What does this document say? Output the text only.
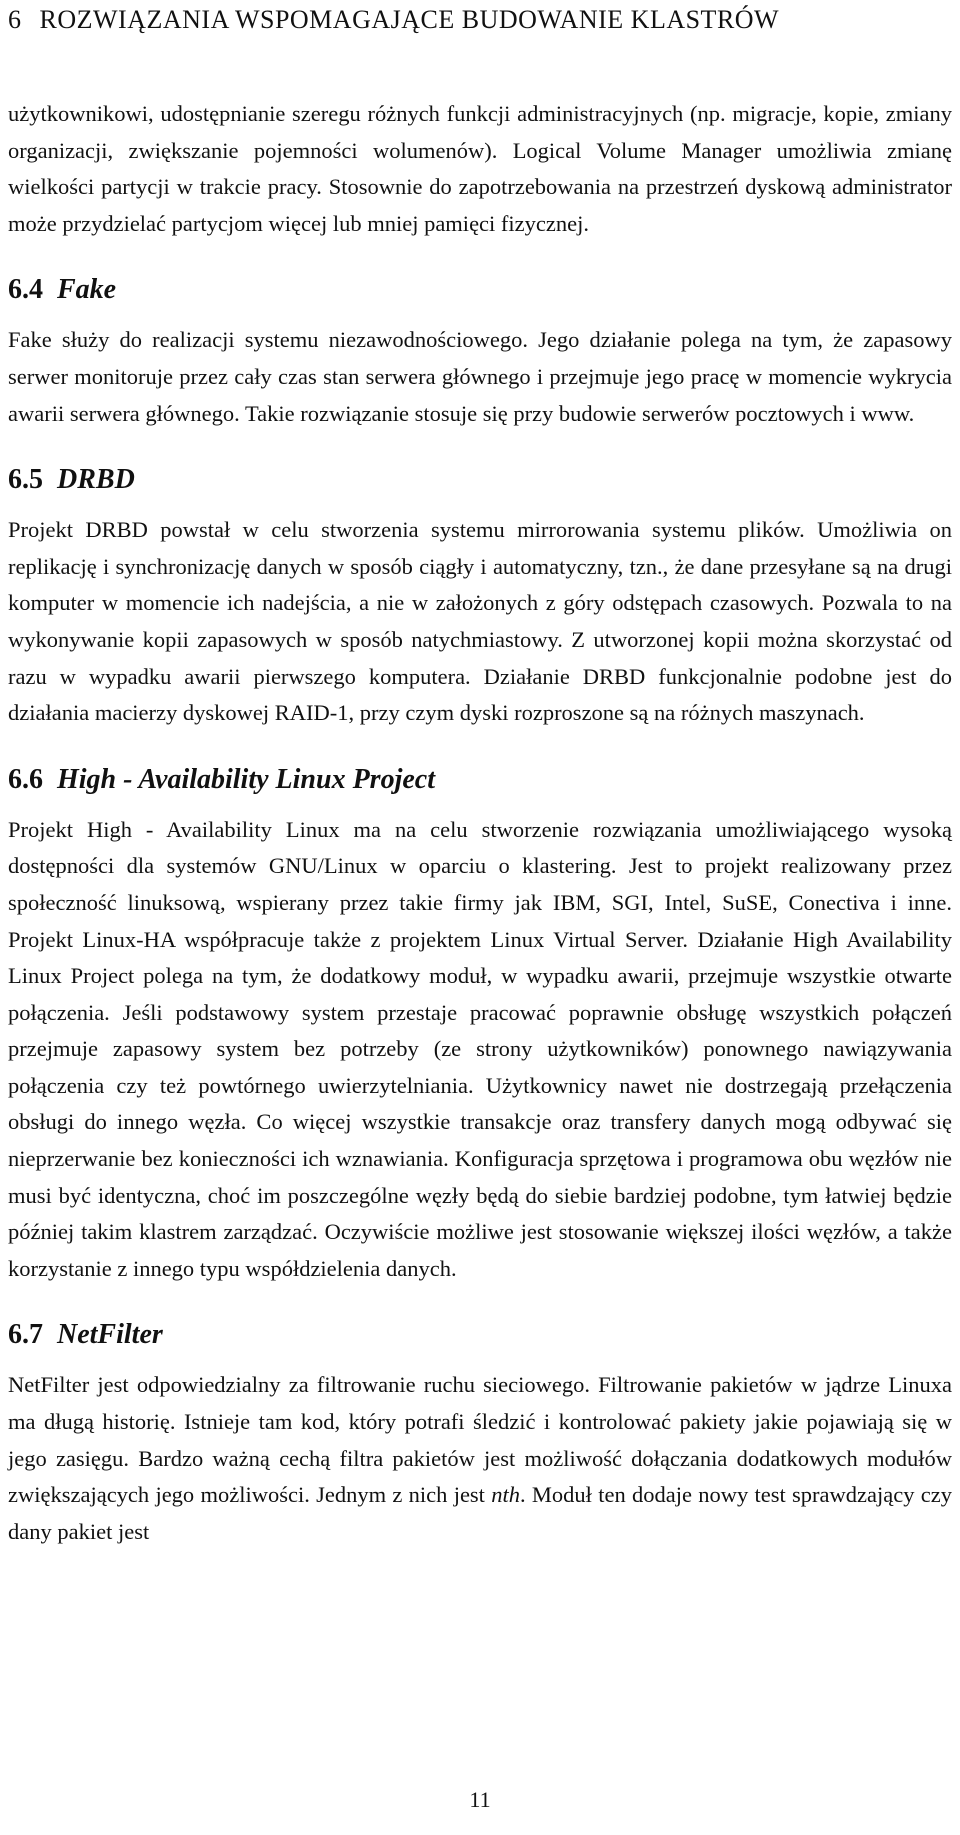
6 ROZWIĄZANIA WSPOMAGAJĄCE BUDOWANIE KLASTRÓW

użytkownikowi, udostępnianie szeregu różnych funkcji administracyjnych (np. migracje, kopie, zmiany organizacji, zwiększanie pojemności wolumenów). Logical Volume Manager umożliwia zmianę wielkości partycji w trakcie pracy. Stosownie do zapotrzebowania na przestrzeń dyskową administrator może przydzielać partycjom więcej lub mniej pamięci fizycznej.

6.4 Fake

Fake służy do realizacji systemu niezawodnościowego. Jego działanie polega na tym, że zapasowy serwer monitoruje przez cały czas stan serwera głównego i przejmuje jego pracę w momencie wykrycia awarii serwera głównego. Takie rozwiązanie stosuje się przy budowie serwerów pocztowych i www.

6.5 DRBD

Projekt DRBD powstał w celu stworzenia systemu mirrorowania systemu plików. Umożliwia on replikację i synchronizację danych w sposób ciągły i automatyczny, tzn., że dane przesyłane są na drugi komputer w momencie ich nadejścia, a nie w założonych z góry odstępach czasowych. Pozwala to na wykonywanie kopii zapasowych w sposób natychmiastowy. Z utworzonej kopii można skorzystać od razu w wypadku awarii pierwszego komputera. Działanie DRBD funkcjonalnie podobne jest do działania macierzy dyskowej RAID-1, przy czym dyski rozproszone są na różnych maszynach.

6.6 High - Availability Linux Project

Projekt High - Availability Linux ma na celu stworzenie rozwiązania umożliwiającego wysoką dostępności dla systemów GNU/Linux w oparciu o klastering. Jest to projekt realizowany przez społeczność linuksową, wspierany przez takie firmy jak IBM, SGI, Intel, SuSE, Conectiva i inne. Projekt Linux-HA współpracuje także z projektem Linux Virtual Server. Działanie High Availability Linux Project polega na tym, że dodatkowy moduł, w wypadku awarii, przejmuje wszystkie otwarte połączenia. Jeśli podstawowy system przestaje pracować poprawnie obsługę wszystkich połączeń przejmuje zapasowy system bez potrzeby (ze strony użytkowników) ponownego nawiązywania połączenia czy też powtórnego uwierzytelniania. Użytkownicy nawet nie dostrzegają przełączenia obsługi do innego węzła. Co więcej wszystkie transakcje oraz transfery danych mogą odbywać się nieprzerwanie bez konieczności ich wznawiania. Konfiguracja sprzętowa i programowa obu węzłów nie musi być identyczna, choć im poszczególne węzły będą do siebie bardziej podobne, tym łatwiej będzie później takim klastrem zarządzać. Oczywiście możliwe jest stosowanie większej ilości węzłów, a także korzystanie z innego typu współdzielenia danych.

6.7 NetFilter

NetFilter jest odpowiedzialny za filtrowanie ruchu sieciowego. Filtrowanie pakietów w jądrze Linuxa ma długą historię. Istnieje tam kod, który potrafi śledzić i kontrolować pakiety jakie pojawiają się w jego zasięgu. Bardzo ważną cechą filtra pakietów jest możliwość dołączania dodatkowych modułów zwiększających jego możliwości. Jednym z nich jest nth. Moduł ten dodaje nowy test sprawdzający czy dany pakiet jest

11
